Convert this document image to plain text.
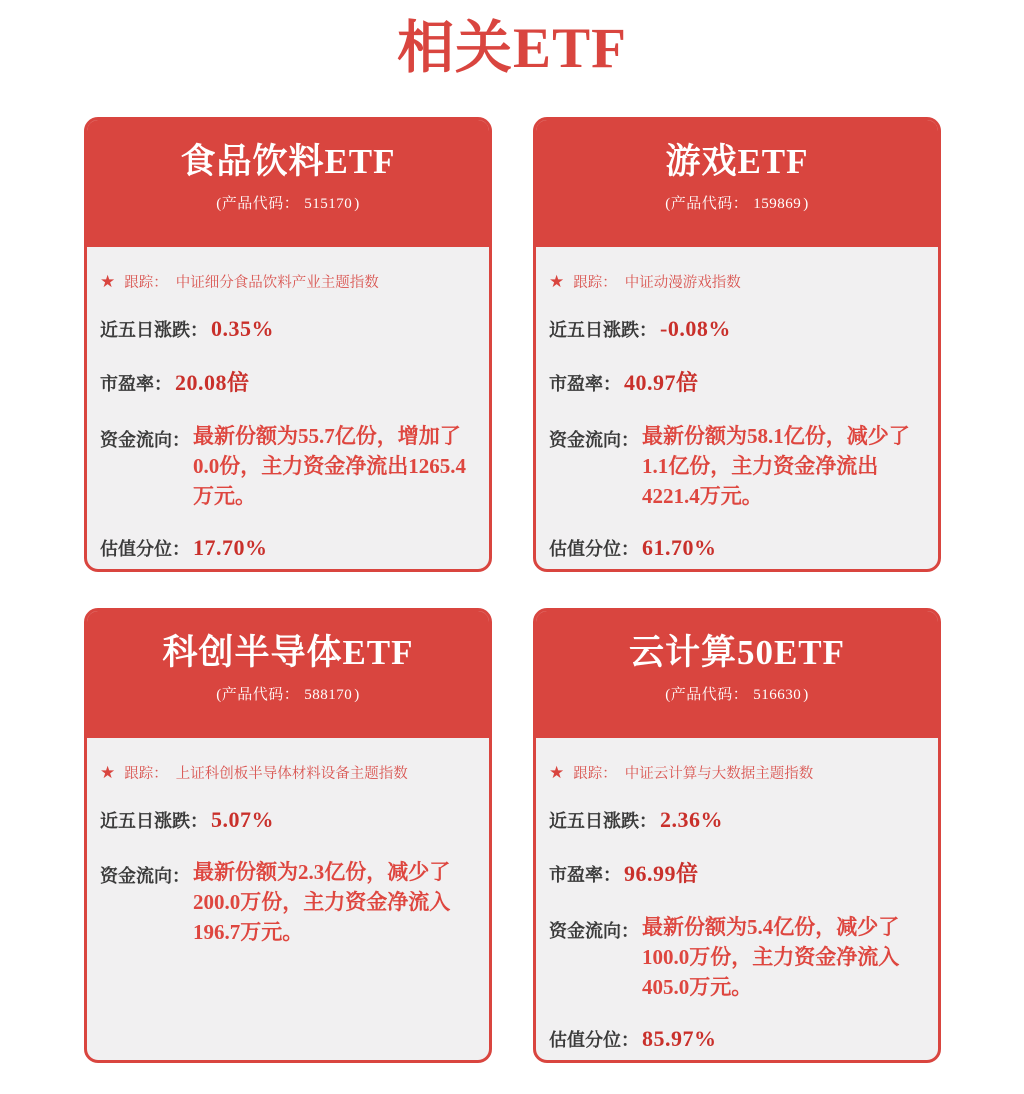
相关ETF
食品饮料ETF
(产品代码： 515170 )
★ 跟踪： 中证细分食品饮料产业主题指数
近五日涨跌： 0.35%
市盈率： 20.08倍
资金流向： 最新份额为55.7亿份，增加了0.0份，主力资金净流出1265.4万元。
估值分位： 17.70%
游戏ETF
(产品代码： 159869 )
★ 跟踪： 中证动漫游戏指数
近五日涨跌： -0.08%
市盈率： 40.97倍
资金流向： 最新份额为58.1亿份，减少了1.1亿份，主力资金净流出4221.4万元。
估值分位： 61.70%
科创半导体ETF
(产品代码： 588170 )
★ 跟踪： 上证科创板半导体材料设备主题指数
近五日涨跌： 5.07%
资金流向： 最新份额为2.3亿份，减少了200.0万份，主力资金净流入196.7万元。
云计算50ETF
(产品代码： 516630 )
★ 跟踪： 中证云计算与大数据主题指数
近五日涨跌： 2.36%
市盈率： 96.99倍
资金流向： 最新份额为5.4亿份，减少了100.0万份，主力资金净流入405.0万元。
估值分位： 85.97%
